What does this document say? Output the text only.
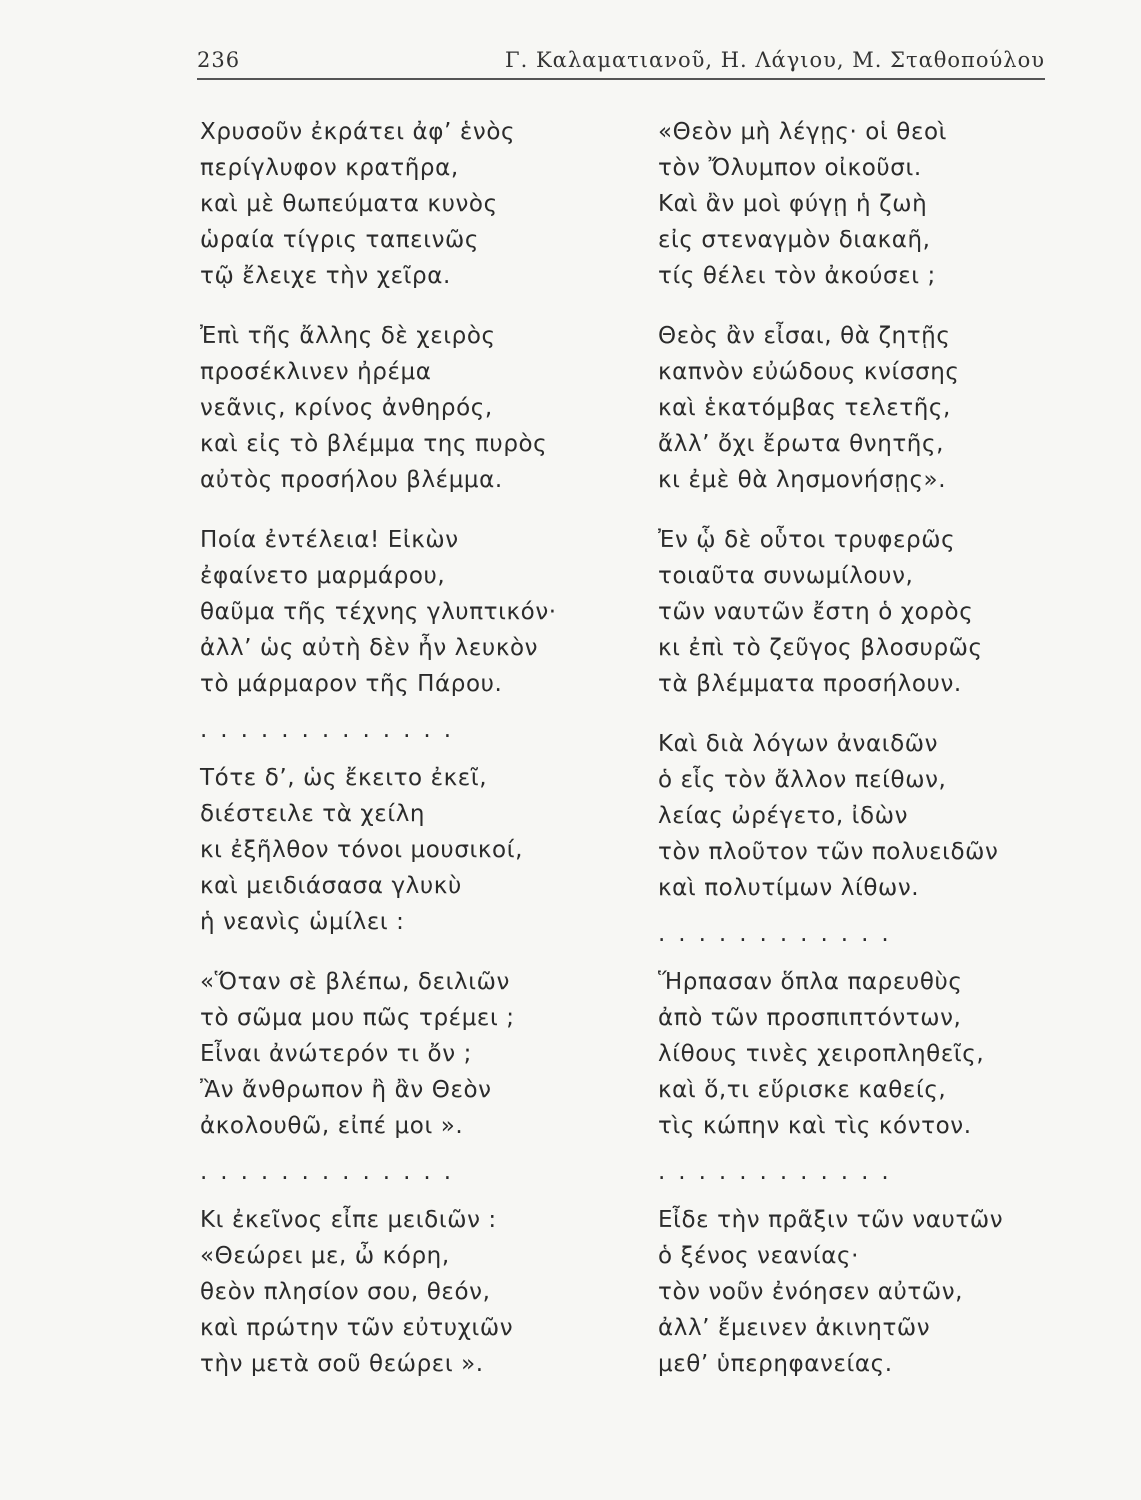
236	Γ. Καλαματιανοῦ, Η. Λάγιου, Μ. Σταθοπούλου
Χρυσοῦν ἐκράτει ἀφ’ ἑνὸς
περίγλυφον κρατῆρα,
καὶ μὲ θωπεύματα κυνὸς
ὡραία τίγρις ταπεινῶς
τῷ ἔλειχε τὴν χεῖρα.
Ἐπὶ τῆς ἄλλης δὲ χειρὸς
προσέκλινεν ἠρέμα
νεᾶνις, κρίνος ἀνθηρός,
καὶ εἰς τὸ βλέμμα της πυρὸς
αὐτὸς προσήλου βλέμμα.
Ποία ἐντέλεια! Εἰκὼν
ἐφαίνετο μαρμάρου,
θαῦμα τῆς τέχνης γλυπτικόν·
ἀλλ’ ὡς αὐτὴ δὲν ἦν λευκὸν
τὸ μάρμαρον τῆς Πάρου.
.............
Τότε δ’, ὡς ἔκειτο ἐκεῖ,
διέστειλε τὰ χείλη
κι ἐξῆλθον τόνοι μουσικοί,
καὶ μειδιάσασα γλυκὺ
ἡ νεανὶς ὡμίλει :
«Ὅταν σὲ βλέπω, δειλιῶν
τὸ σῶμα μου πῶς τρέμει ;
Εἶναι ἀνώτερόν τι ὄν ;
Ἂν ἄνθρωπον ἢ ἂν Θεὸν
ἀκολουθῶ, εἰπέ μοι ».
.............
Κι ἐκεῖνος εἶπε μειδιῶν :
«Θεώρει με, ὦ κόρη,
θεὸν πλησίον σου, θεόν,
καὶ πρώτην τῶν εὐτυχιῶν
τὴν μετὰ σοῦ θεώρει ».
«Θεὸν μὴ λέγῃς· οἱ θεοὶ
τὸν Ὄλυμπον οἰκοῦσι.
Καὶ ἂν μοὶ φύγῃ ἡ ζωὴ
εἰς στεναγμὸν διακαῆ,
τίς θέλει τὸν ἀκούσει ;
Θεὸς ἂν εἶσαι, θὰ ζητῇς
καπνὸν εὐώδους κνίσσης
καὶ ἑκατόμβας τελετῆς,
ἄλλ’ ὄχι ἔρωτα θνητῆς,
κι ἐμὲ θὰ λησμονήσῃς».
Ἐν ᾧ δὲ οὗτοι τρυφερῶς
τοιαῦτα συνωμίλουν,
τῶν ναυτῶν ἔστη ὁ χορὸς
κι ἐπὶ τὸ ζεῦγος βλοσυρῶς
τὰ βλέμματα προσήλουν.
Καὶ διὰ λόγων ἀναιδῶν
ὁ εἷς τὸν ἄλλον πείθων,
λείας ὠρέγετο, ἰδὼν
τὸν πλοῦτον τῶν πολυειδῶν
καὶ πολυτίμων λίθων.
............
Ἥρπασαν ὅπλα παρευθὺς
ἀπὸ τῶν προσπιπτόντων,
λίθους τινὲς χειροπληθεῖς,
καὶ ὅ,τι εὕρισκε καθείς,
τὶς κώπην καὶ τὶς κόντον.
............
Εἶδε τὴν πρᾶξιν τῶν ναυτῶν
ὁ ξένος νεανίας·
τὸν νοῦν ἐνόησεν αὐτῶν,
ἀλλ’ ἔμεινεν ἀκινητῶν
μεθ’ ὑπερηφανείας.
